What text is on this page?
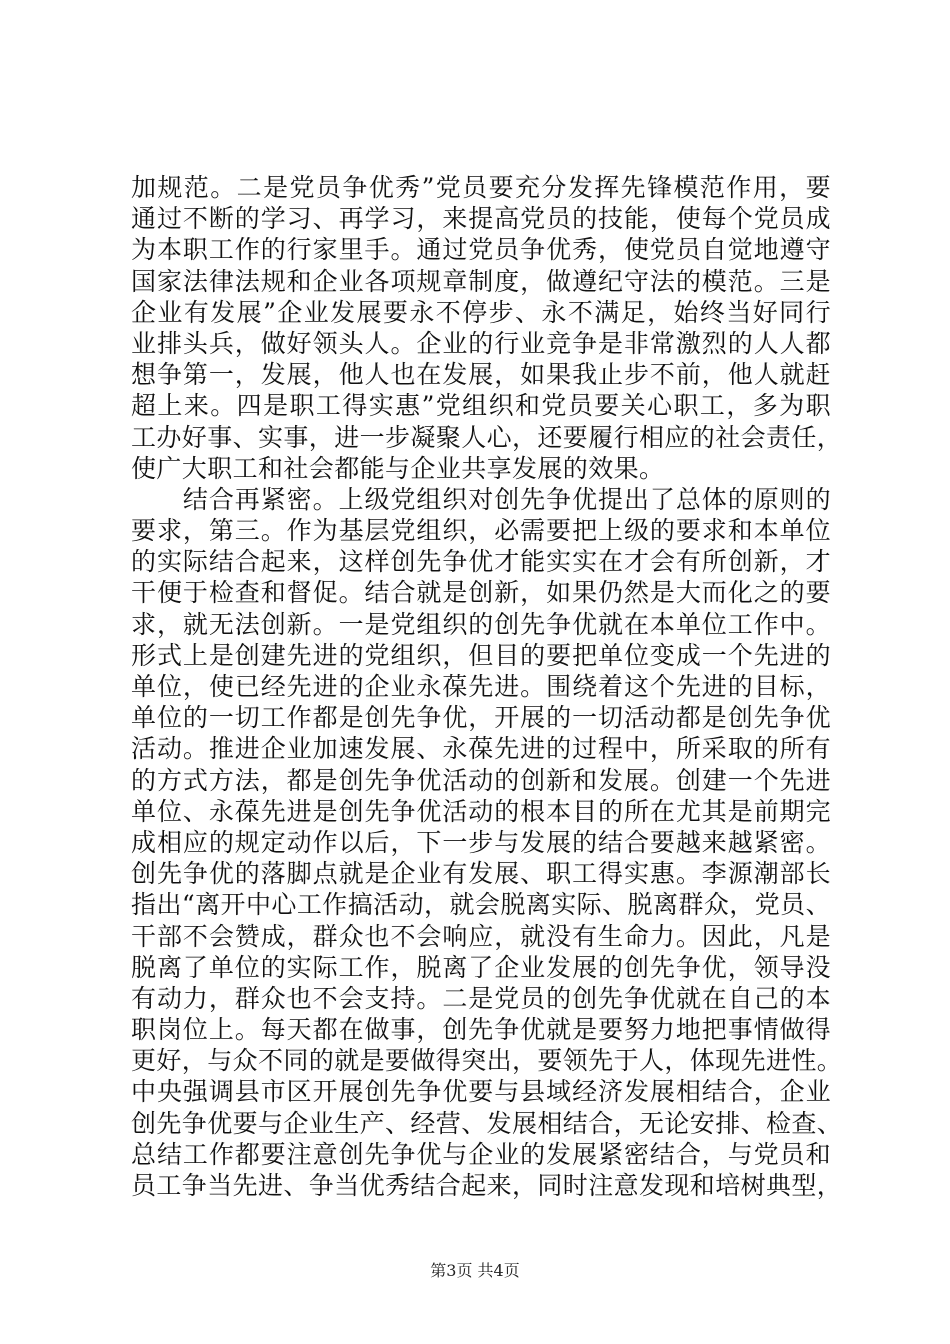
加规范。二是党员争优秀”党员要充分发挥先锋模范作用，要
通过不断的学习、再学习，来提高党员的技能，使每个党员成
为本职工作的行家里手。通过党员争优秀，使党员自觉地遵守
国家法律法规和企业各项规章制度，做遵纪守法的模范。三是
企业有发展”企业发展要永不停步、永不满足，始终当好同行
业排头兵，做好领头人。企业的行业竞争是非常激烈的人人都
想争第一，发展，他人也在发展，如果我止步不前，他人就赶
超上来。四是职工得实惠”党组织和党员要关心职工，多为职
工办好事、实事，进一步凝聚人心，还要履行相应的社会责任，
使广大职工和社会都能与企业共享发展的效果。
　　结合再紧密。上级党组织对创先争优提出了总体的原则的
要求，第三。作为基层党组织，必需要把上级的要求和本单位
的实际结合起来，这样创先争优才能实实在才会有所创新，才
干便于检查和督促。结合就是创新，如果仍然是大而化之的要
求，就无法创新。一是党组织的创先争优就在本单位工作中。
形式上是创建先进的党组织，但目的要把单位变成一个先进的
单位，使已经先进的企业永葆先进。围绕着这个先进的目标，
单位的一切工作都是创先争优，开展的一切活动都是创先争优
活动。推进企业加速发展、永葆先进的过程中，所采取的所有
的方式方法，都是创先争优活动的创新和发展。创建一个先进
单位、永葆先进是创先争优活动的根本目的所在尤其是前期完
成相应的规定动作以后，下一步与发展的结合要越来越紧密。
创先争优的落脚点就是企业有发展、职工得实惠。李源潮部长
指出“离开中心工作搞活动，就会脱离实际、脱离群众，党员、
干部不会赞成，群众也不会响应，就没有生命力。因此，凡是
脱离了单位的实际工作，脱离了企业发展的创先争优，领导没
有动力，群众也不会支持。二是党员的创先争优就在自己的本
职岗位上。每天都在做事，创先争优就是要努力地把事情做得
更好，与众不同的就是要做得突出，要领先于人，体现先进性。
中央强调县市区开展创先争优要与县域经济发展相结合，企业
创先争优要与企业生产、经营、发展相结合，无论安排、检查、
总结工作都要注意创先争优与企业的发展紧密结合，与党员和
员工争当先进、争当优秀结合起来，同时注意发现和培树典型，
第3页 共4页
